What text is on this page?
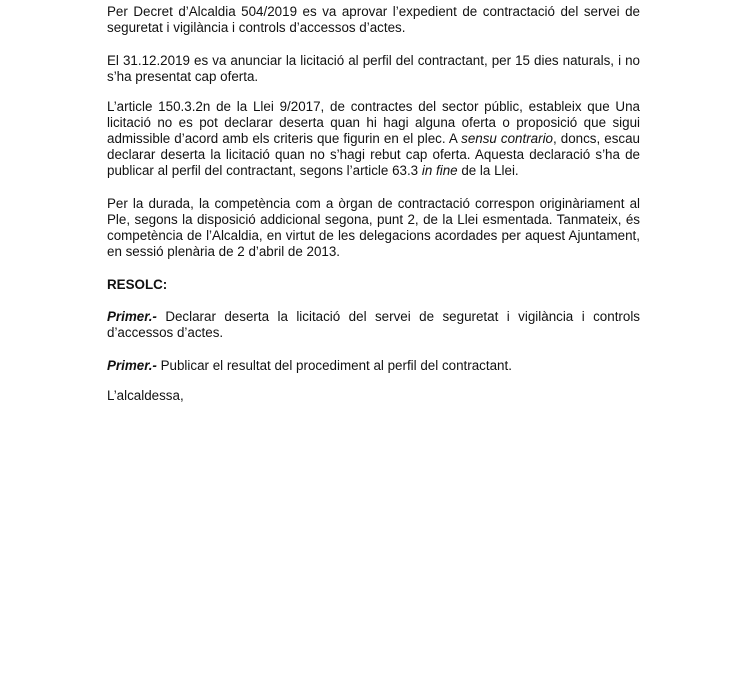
Per Decret d’Alcaldia 504/2019 es va aprovar l’expedient de contractació del servei de seguretat i vigilància i controls d’accessos d’actes.

El 31.12.2019 es va anunciar la licitació al perfil del contractant, per 15 dies naturals, i no s’ha presentat cap oferta.

L’article 150.3.2n de la Llei 9/2017, de contractes del sector públic, estableix que Una licitació no es pot declarar deserta quan hi hagi alguna oferta o proposició que sigui admissible d’acord amb els criteris que figurin en el plec. A sensu contrario, doncs, escau declarar deserta la licitació quan no s’hagi rebut cap oferta. Aquesta declaració s’ha de publicar al perfil del contractant, segons l’article 63.3 in fine de la Llei.

Per la durada, la competència com a òrgan de contractació correspon originàriament al Ple, segons la disposició addicional segona, punt 2, de la Llei esmentada. Tanmateix, és competència de l’Alcaldia, en virtut de les delegacions acordades per aquest Ajuntament, en sessió plenària de 2 d’abril de 2013.

RESOLC:

Primer.- Declarar deserta la licitació del servei de seguretat i vigilància i controls d’accessos d’actes.

Primer.- Publicar el resultat del procediment al perfil del contractant.

L’alcaldessa,
